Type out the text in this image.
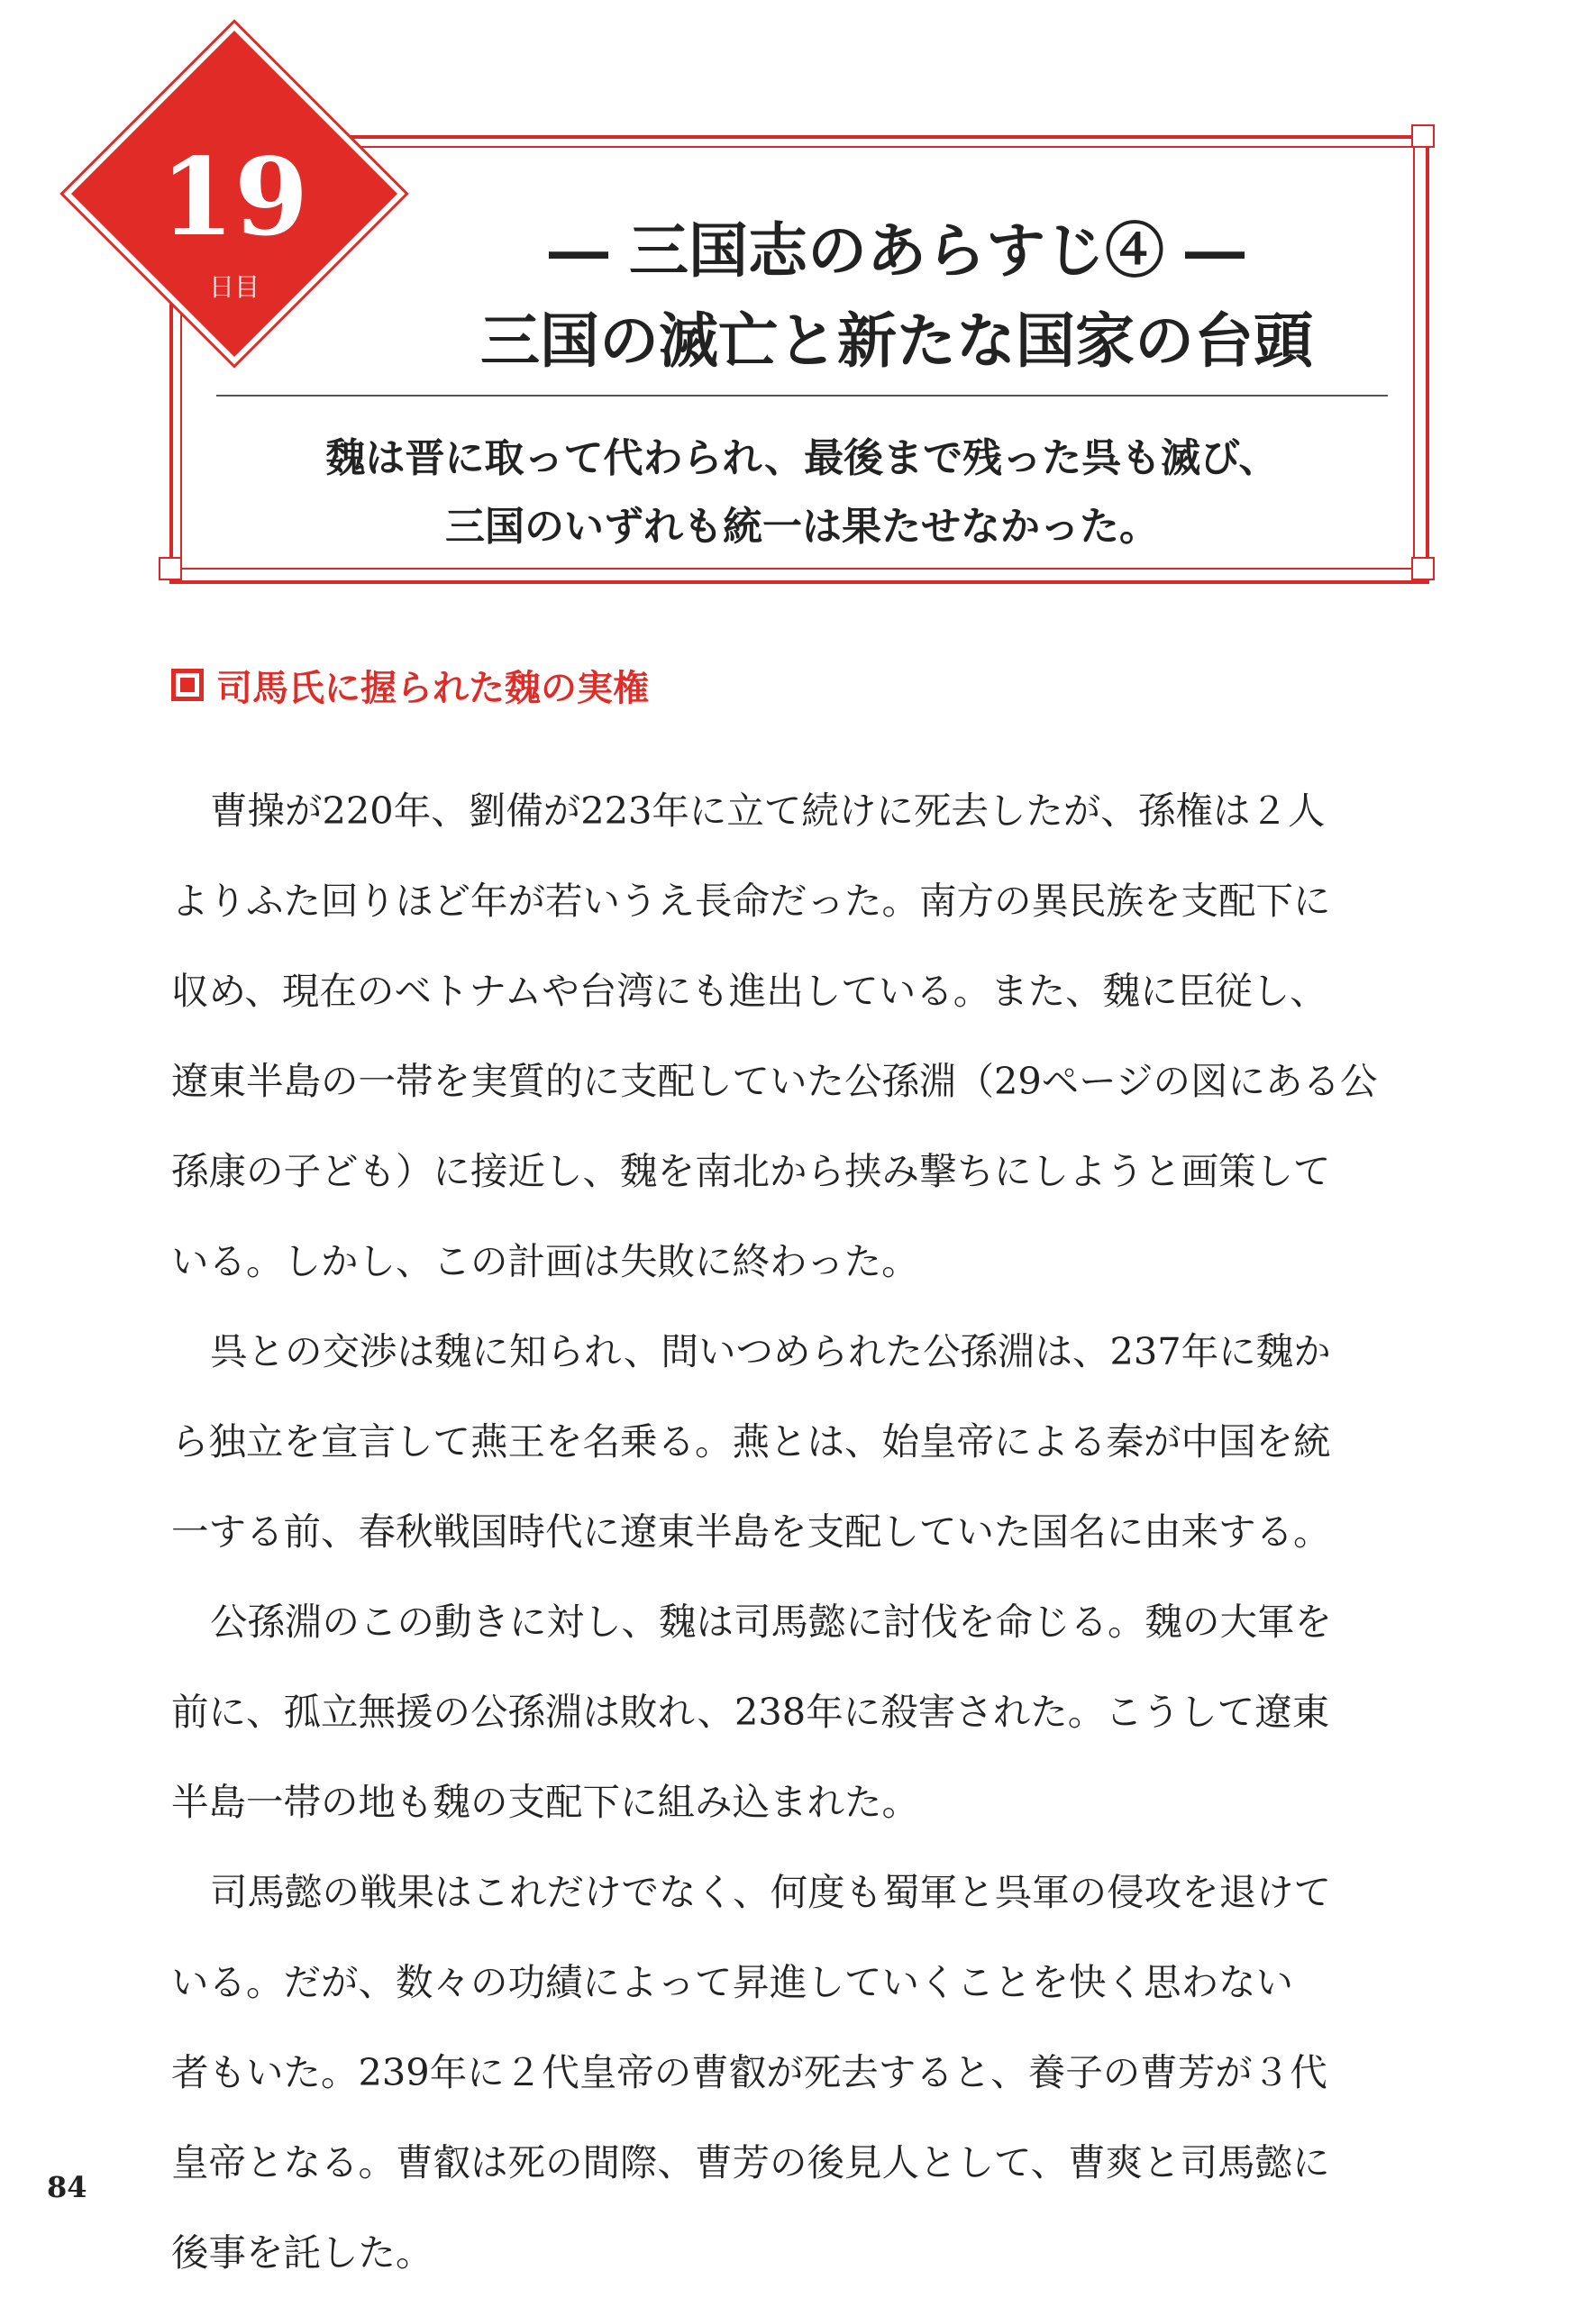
19
日目
― 三国志のあらすじ④ ―
三国の滅亡と新たな国家の台頭
魏は晋に取って代わられ、最後まで残った呉も滅び、
三国のいずれも統一は果たせなかった。
司馬氏に握られた魏の実権
曹操が220年、劉備が223年に立て続けに死去したが、孫権は２人
よりふた回りほど年が若いうえ長命だった。南方の異民族を支配下に
収め、現在のベトナムや台湾にも進出している。また、魏に臣従し、
遼東半島の一帯を実質的に支配していた公孫淵（29ページの図にある公
孫康の子ども）に接近し、魏を南北から挟み撃ちにしようと画策して
いる。しかし、この計画は失敗に終わった。
呉との交渉は魏に知られ、問いつめられた公孫淵は、237年に魏か
ら独立を宣言して燕王を名乗る。燕とは、始皇帝による秦が中国を統
一する前、春秋戦国時代に遼東半島を支配していた国名に由来する。
公孫淵のこの動きに対し、魏は司馬懿に討伐を命じる。魏の大軍を
前に、孤立無援の公孫淵は敗れ、238年に殺害された。こうして遼東
半島一帯の地も魏の支配下に組み込まれた。
司馬懿の戦果はこれだけでなく、何度も蜀軍と呉軍の侵攻を退けて
いる。だが、数々の功績によって昇進していくことを快く思わない
者もいた。239年に２代皇帝の曹叡が死去すると、養子の曹芳が３代
皇帝となる。曹叡は死の間際、曹芳の後見人として、曹爽と司馬懿に
後事を託した。
84
